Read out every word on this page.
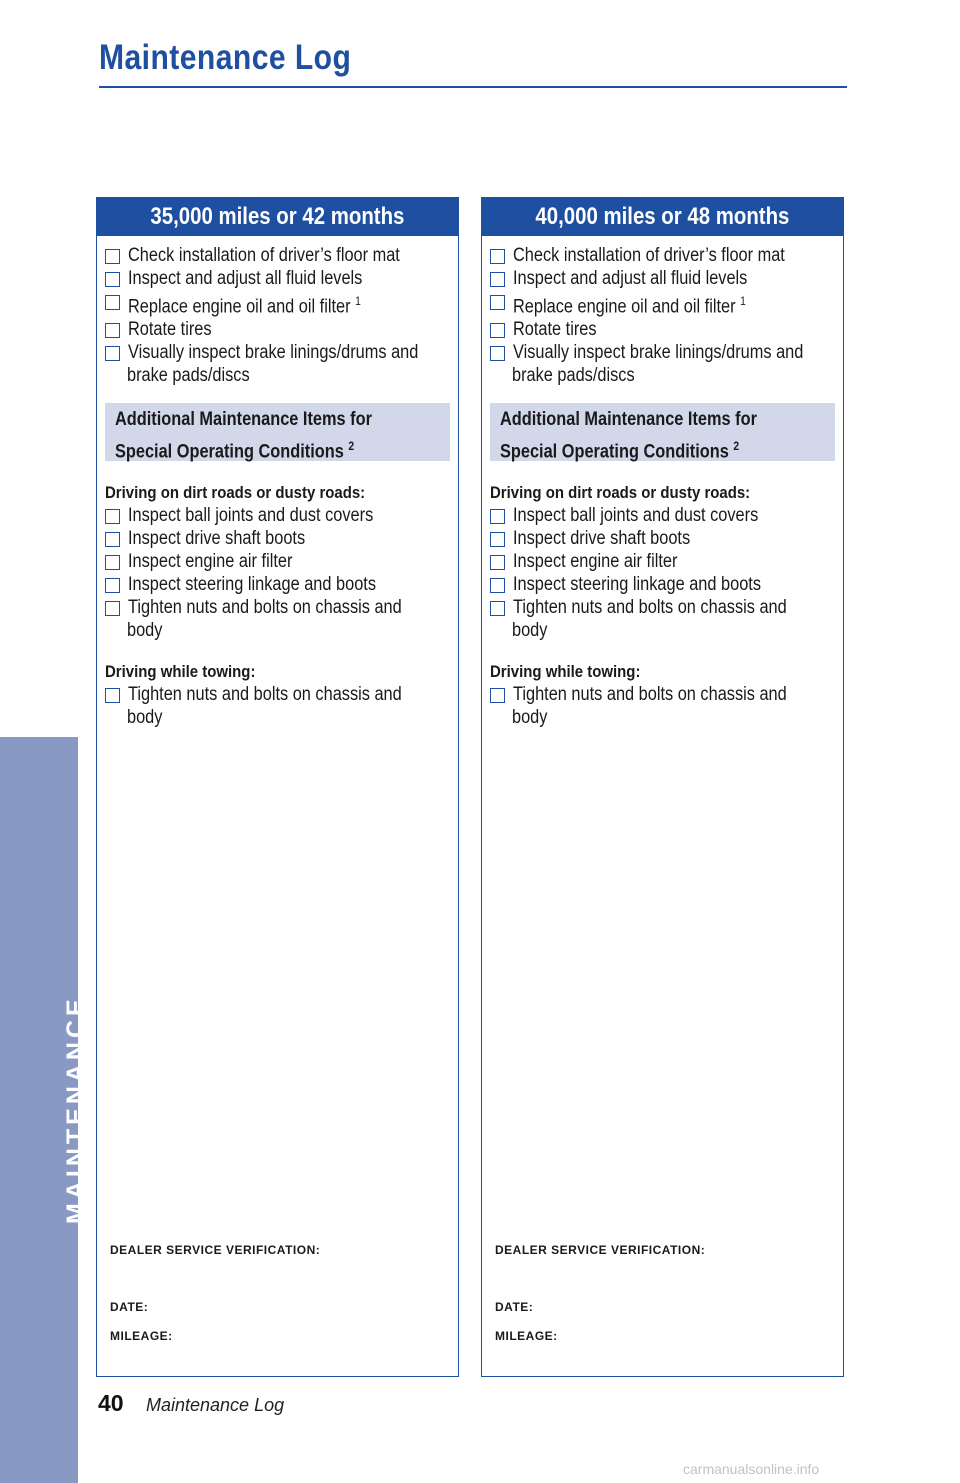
Maintenance Log
MAINTENANCE
35,000 miles or 42 months
Check installation of driver’s floor mat
Inspect and adjust all fluid levels
Replace engine oil and oil filter $^1$
Rotate tires
Visually inspect brake linings/drums and
brake pads/discs
Additional Maintenance Items for
Special Operating Conditions $^2$
Driving on dirt roads or dusty roads:
Inspect ball joints and dust covers
Inspect drive shaft boots
Inspect engine air filter
Inspect steering linkage and boots
Tighten nuts and bolts on chassis and
body
Driving while towing:
Tighten nuts and bolts on chassis and
body
DEALER SERVICE VERIFICATION:
DATE:
MILEAGE:
40,000 miles or 48 months
Check installation of driver’s floor mat
Inspect and adjust all fluid levels
Replace engine oil and oil filter $^1$
Rotate tires
Visually inspect brake linings/drums and
brake pads/discs
Additional Maintenance Items for
Special Operating Conditions $^2$
Driving on dirt roads or dusty roads:
Inspect ball joints and dust covers
Inspect drive shaft boots
Inspect engine air filter
Inspect steering linkage and boots
Tighten nuts and bolts on chassis and
body
Driving while towing:
Tighten nuts and bolts on chassis and
body
DEALER SERVICE VERIFICATION:
DATE:
MILEAGE:
40 Maintenance Log
carmanualsonline.info
